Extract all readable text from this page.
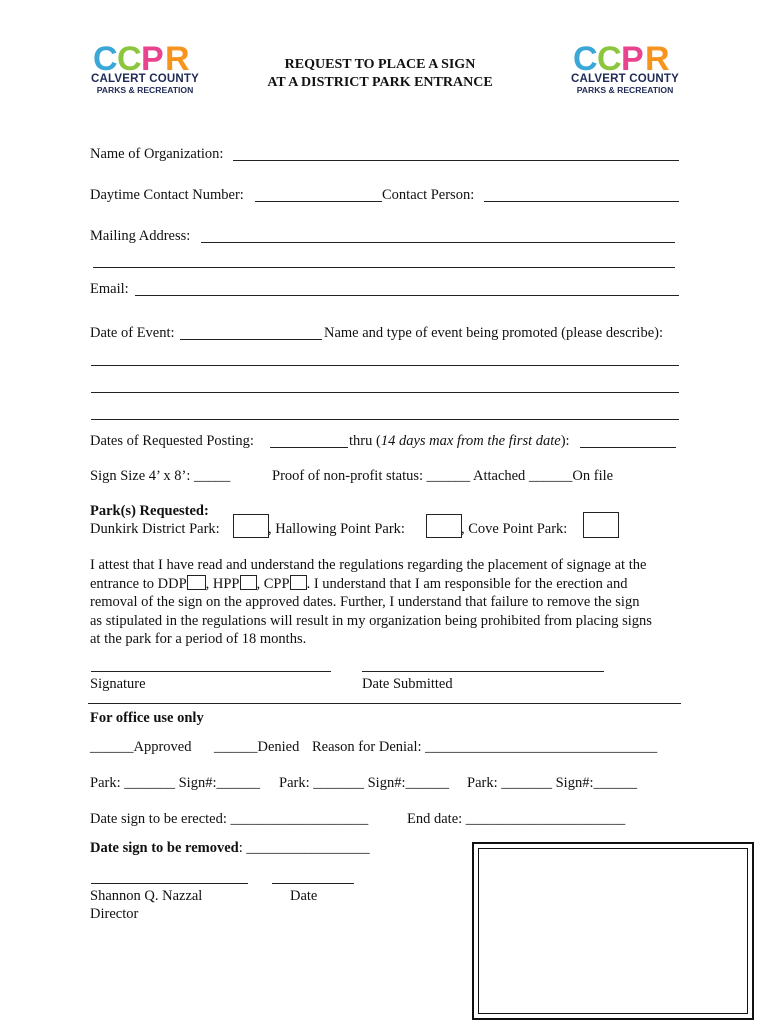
C C P R
CALVERT COUNTY
PARKS & RECREATION
C C P R
CALVERT COUNTY
PARKS & RECREATION
REQUEST TO PLACE A SIGN
AT A DISTRICT PARK ENTRANCE
Name of Organization:
Daytime Contact Number:	Contact Person:
Mailing Address:
Email:
Date of Event:	Name and type of event being promoted (please describe):
Dates of Requested Posting:	thru (14 days max from the first date):
Sign Size 4’ x 8’: _____	Proof of non-profit status: ______ Attached ______On file
Park(s) Requested:
Dunkirk District Park:	, Hallowing Point Park:	, Cove Point Park:
I attest that I have read and understand the regulations regarding the placement of signage at the
entrance to DDP , HPP , CPP . I understand that I am responsible for the erection and
removal of the sign on the approved dates. Further, I understand that failure to remove the sign
as stipulated in the regulations will result in my organization being prohibited from placing signs
at the park for a period of 18 months.
Signature	Date Submitted
For office use only
______Approved ______Denied Reason for Denial: ________________________________
Park: _______ Sign#:______ Park: _______ Sign#:______ Park: _______ Sign#:______
Date sign to be erected: ___________________	End date: ______________________
Date sign to be removed: _________________
Shannon Q. Nazzal
Director
Date
